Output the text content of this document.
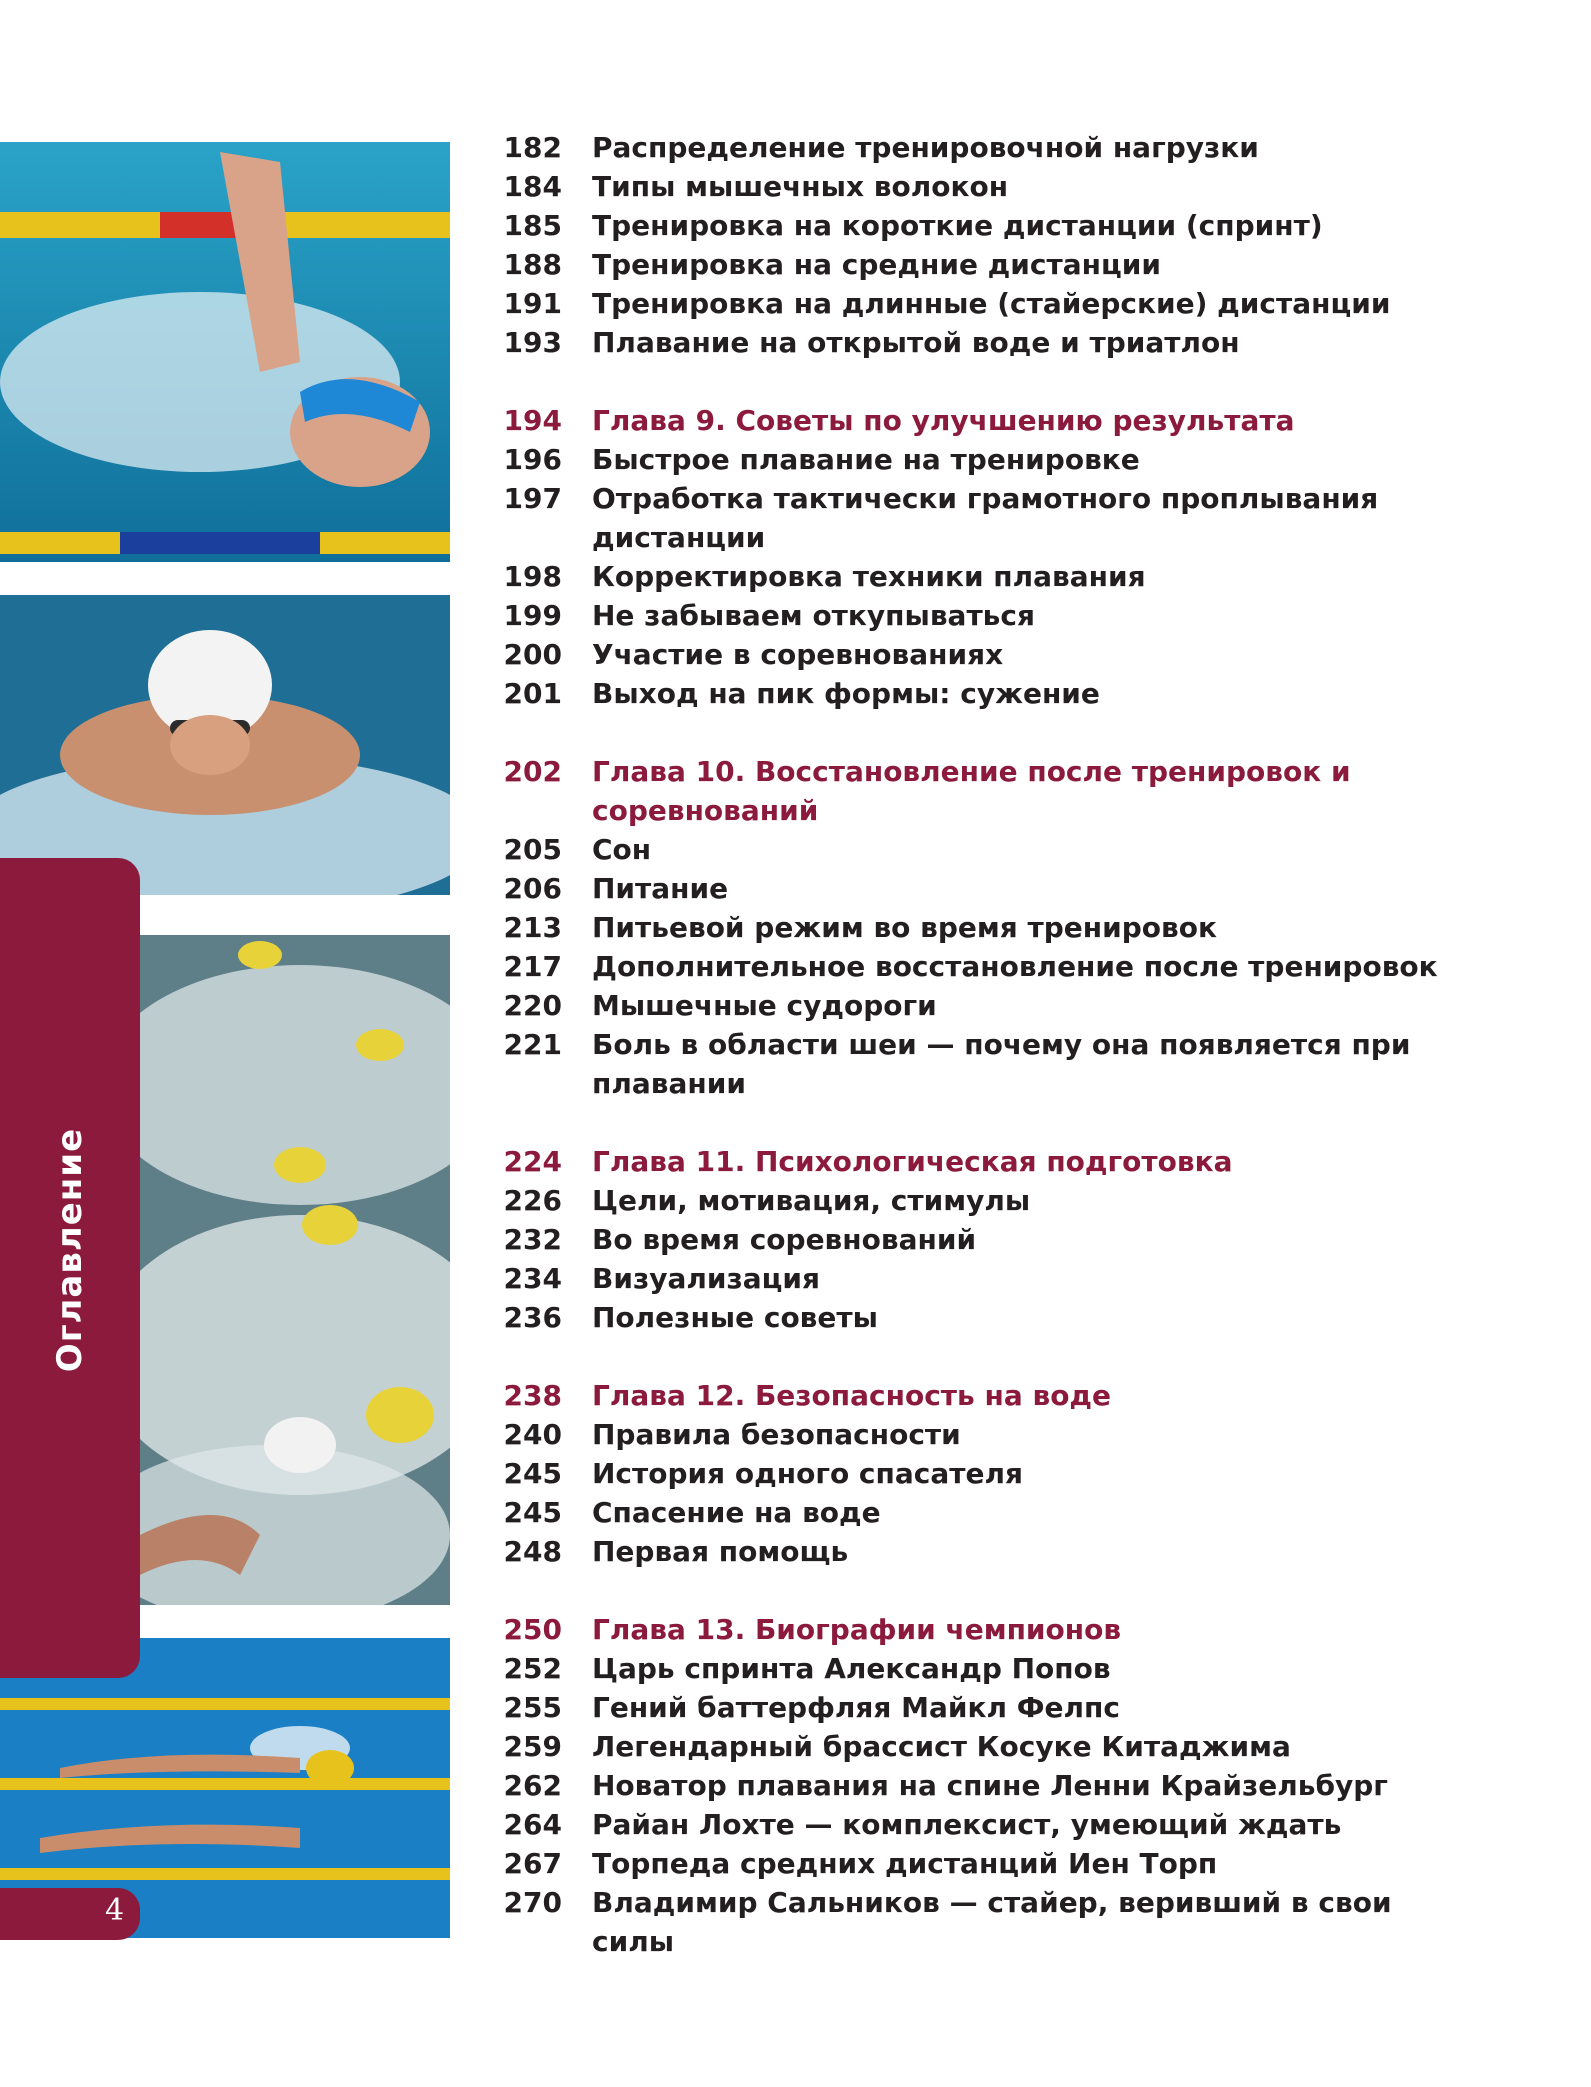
Оглавление
4
182 Распределение тренировочной нагрузки
184 Типы мышечных волокон
185 Тренировка на короткие дистанции (спринт)
188 Тренировка на средние дистанции
191 Тренировка на длинные (стайерские) дистанции
193 Плавание на открытой воде и триатлон
194 Глава 9. Советы по улучшению результата
196 Быстрое плавание на тренировке
197 Отработка тактически грамотного проплывания дистанции
198 Корректировка техники плавания
199 Не забываем откупываться
200 Участие в соревнованиях
201 Выход на пик формы: сужение
202 Глава 10. Восстановление после тренировок и соревнований
205 Сон
206 Питание
213 Питьевой режим во время тренировок
217 Дополнительное восстановление после тренировок
220 Мышечные судороги
221 Боль в области шеи — почему она появляется при плавании
224 Глава 11. Психологическая подготовка
226 Цели, мотивация, стимулы
232 Во время соревнований
234 Визуализация
236 Полезные советы
238 Глава 12. Безопасность на воде
240 Правила безопасности
245 История одного спасателя
245 Спасение на воде
248 Первая помощь
250 Глава 13. Биографии чемпионов
252 Царь спринта Александр Попов
255 Гений баттерфляя Майкл Фелпс
259 Легендарный брассист Косуке Китаджима
262 Новатор плавания на спине Ленни Крайзельбург
264 Райан Лохте — комплексист, умеющий ждать
267 Торпеда средних дистанций Иен Торп
270 Владимир Сальников — стайер, веривший в свои силы
